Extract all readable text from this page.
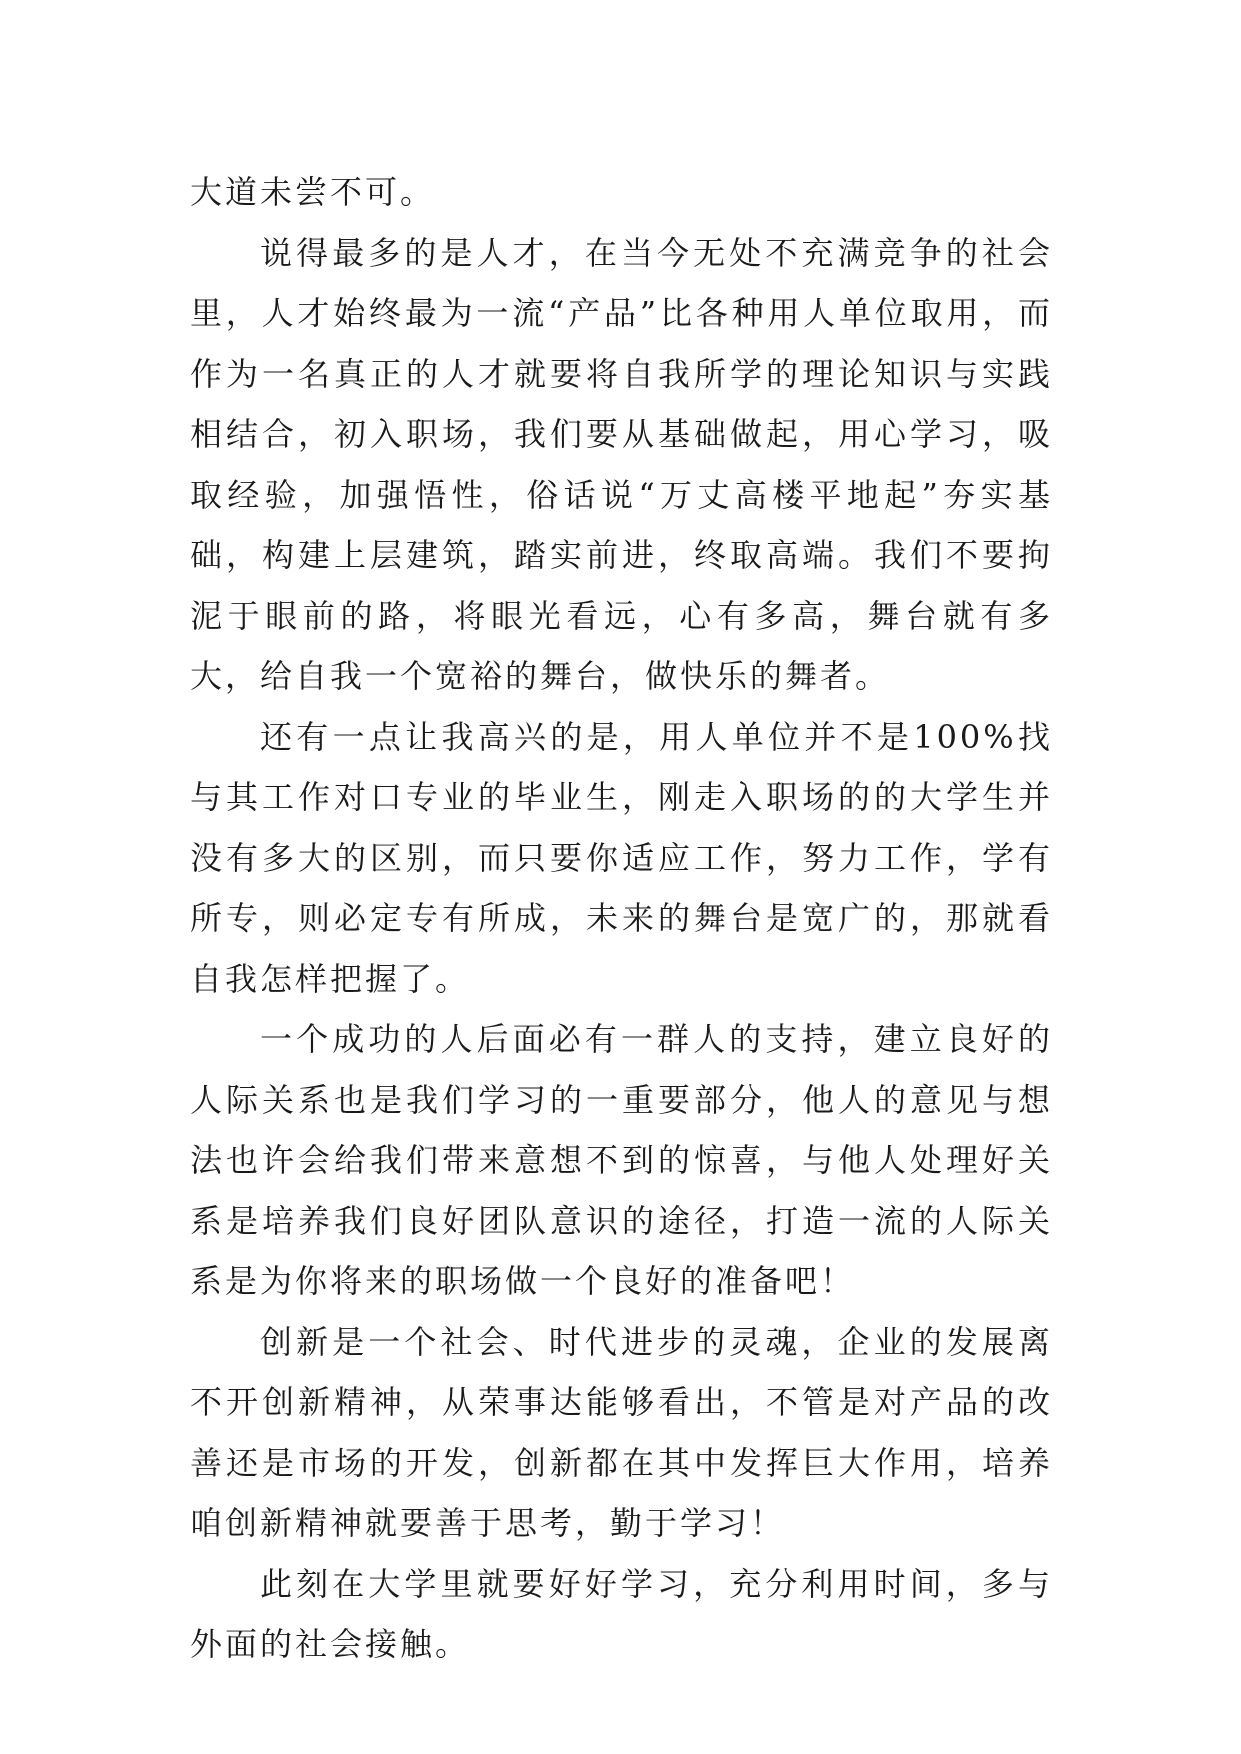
大道未尝不可。

说得最多的是人才，在当今无处不充满竞争的社会里，人才始终最为一流“产品”比各种用人单位取用，而作为一名真正的人才就要将自我所学的理论知识与实践相结合，初入职场，我们要从基础做起，用心学习，吸取经验，加强悟性，俗话说“万丈高楼平地起”夯实基础，构建上层建筑，踏实前进，终取高端。我们不要拘泥于眼前的路，将眼光看远，心有多高，舞台就有多大，给自我一个宽裕的舞台，做快乐的舞者。

还有一点让我高兴的是，用人单位并不是100%找与其工作对口专业的毕业生，刚走入职场的的大学生并没有多大的区别，而只要你适应工作，努力工作，学有所专，则必定专有所成，未来的舞台是宽广的，那就看自我怎样把握了。

一个成功的人后面必有一群人的支持，建立良好的人际关系也是我们学习的一重要部分，他人的意见与想法也许会给我们带来意想不到的惊喜，与他人处理好关系是培养我们良好团队意识的途径，打造一流的人际关系是为你将来的职场做一个良好的准备吧！

创新是一个社会、时代进步的灵魂，企业的发展离不开创新精神，从荣事达能够看出，不管是对产品的改善还是市场的开发，创新都在其中发挥巨大作用，培养咱创新精神就要善于思考，勤于学习！

此刻在大学里就要好好学习，充分利用时间，多与外面的社会接触。
